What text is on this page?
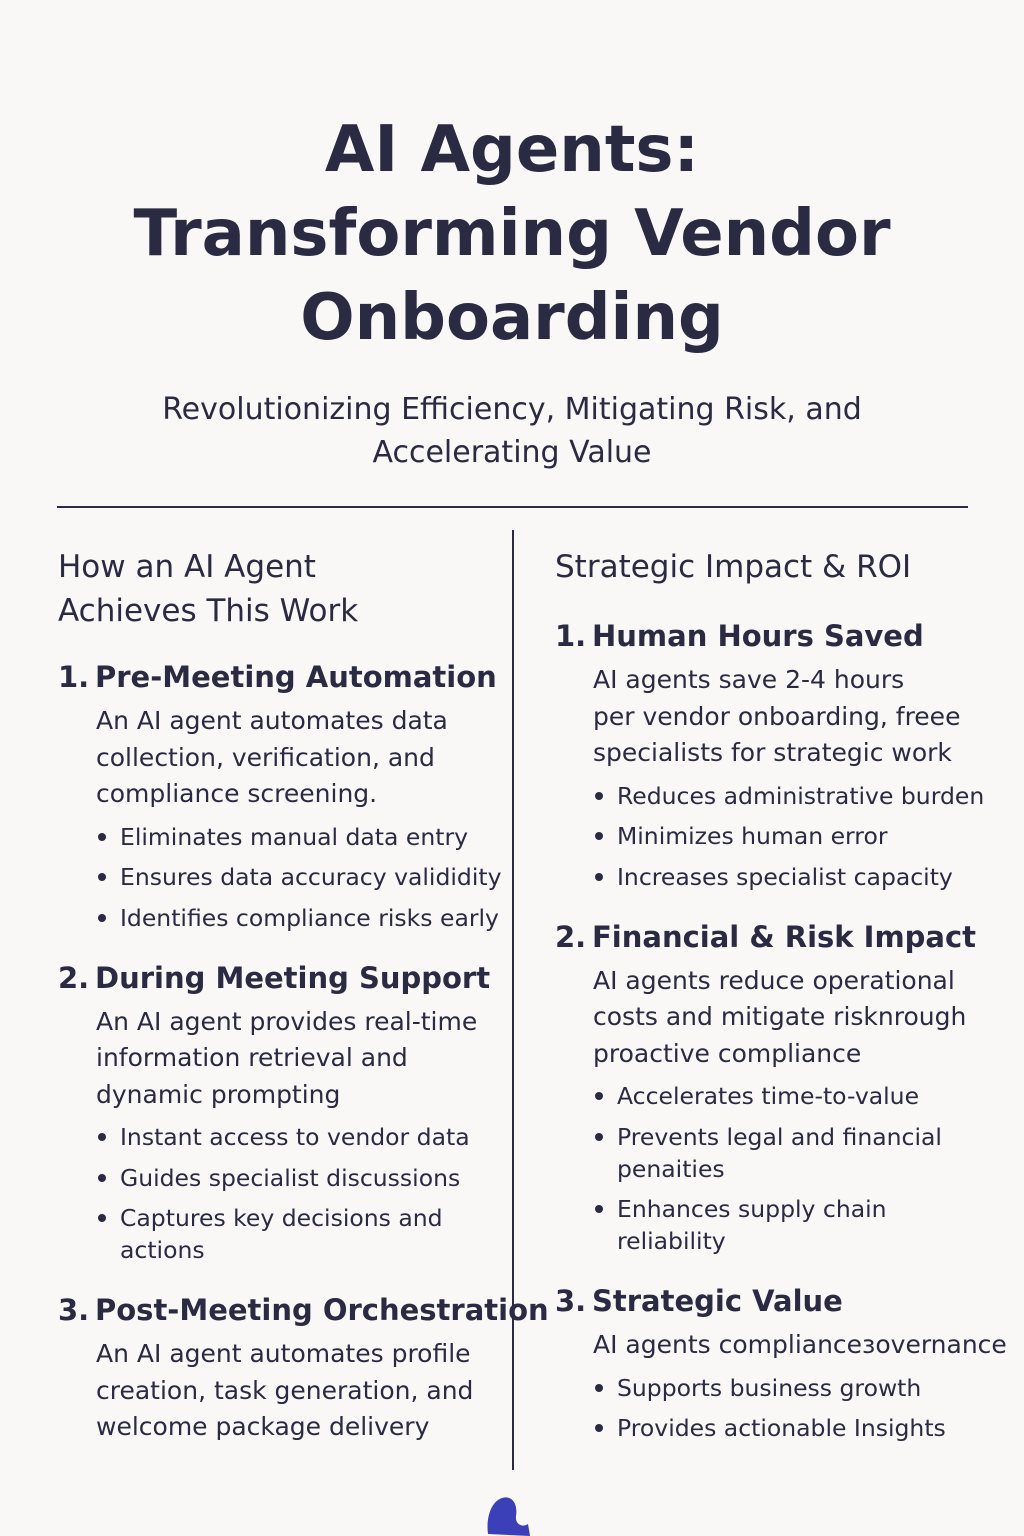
AI Agents:
Transforming Vendor
Onboarding
Revolutionizing Efficiency, Mitigating Risk, and
Accelerating Value
How an AI Agent
Achieves This Work
1. Pre-Meeting Automation
An AI agent automates data
collection, verification, and
compliance screening.
Eliminates manual data entry
Ensures data accuracy valididity
Identifies compliance risks early
2. During Meeting Support
An AI agent provides real-time
information retrieval and
dynamic prompting
Instant access to vendor data
Guides specialist discussions
Captures key decisions and
actions
3. Post-Meeting Orchestration
An AI agent automates profile
creation, task generation, and
welcome package delivery
Strategic Impact & ROI
1. Human Hours Saved
AI agents save 2-4 hours
per vendor onboarding, freee
specialists for strategic work
Reduces administrative burden
Minimizes human error
Increases specialist capacity
2. Financial & Risk Impact
AI agents reduce operational
costs and mitigate risknrough
proactive compliance
Accelerates time-to-value
Prevents legal and financial
penaities
Enhances supply chain reliability
3. Strategic Value
AI agents complianceзovernance
Supports business growth
Provides actionable Insights
